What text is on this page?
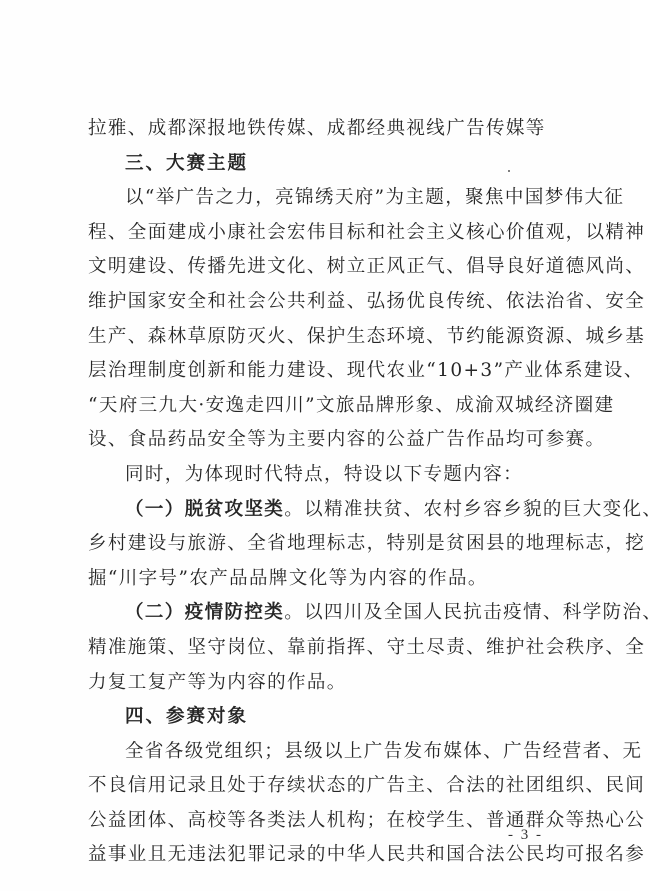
拉雅、成都深报地铁传媒、成都经典视线广告传媒等
三、大赛主题
以“举广告之力，亮锦绣天府”为主题，聚焦中国梦伟大征
程、全面建成小康社会宏伟目标和社会主义核心价值观，以精神
文明建设、传播先进文化、树立正风正气、倡导良好道德风尚、
维护国家安全和社会公共利益、弘扬优良传统、依法治省、安全
生产、森林草原防灭火、保护生态环境、节约能源资源、城乡基
层治理制度创新和能力建设、现代农业“10+3”产业体系建设、
“天府三九大·安逸走四川”文旅品牌形象、成渝双城经济圈建
设、食品药品安全等为主要内容的公益广告作品均可参赛。
同时，为体现时代特点，特设以下专题内容：
（一）脱贫攻坚类。以精准扶贫、农村乡容乡貌的巨大变化、
乡村建设与旅游、全省地理标志，特别是贫困县的地理标志，挖
掘“川字号”农产品品牌文化等为内容的作品。
（二）疫情防控类。以四川及全国人民抗击疫情、科学防治、
精准施策、坚守岗位、靠前指挥、守土尽责、维护社会秩序、全
力复工复产等为内容的作品。
四、参赛对象
全省各级党组织；县级以上广告发布媒体、广告经营者、无
不良信用记录且处于存续状态的广告主、合法的社团组织、民间
公益团体、高校等各类法人机构；在校学生、普通群众等热心公
益事业且无违法犯罪记录的中华人民共和国合法公民均可报名参
- 3 -
